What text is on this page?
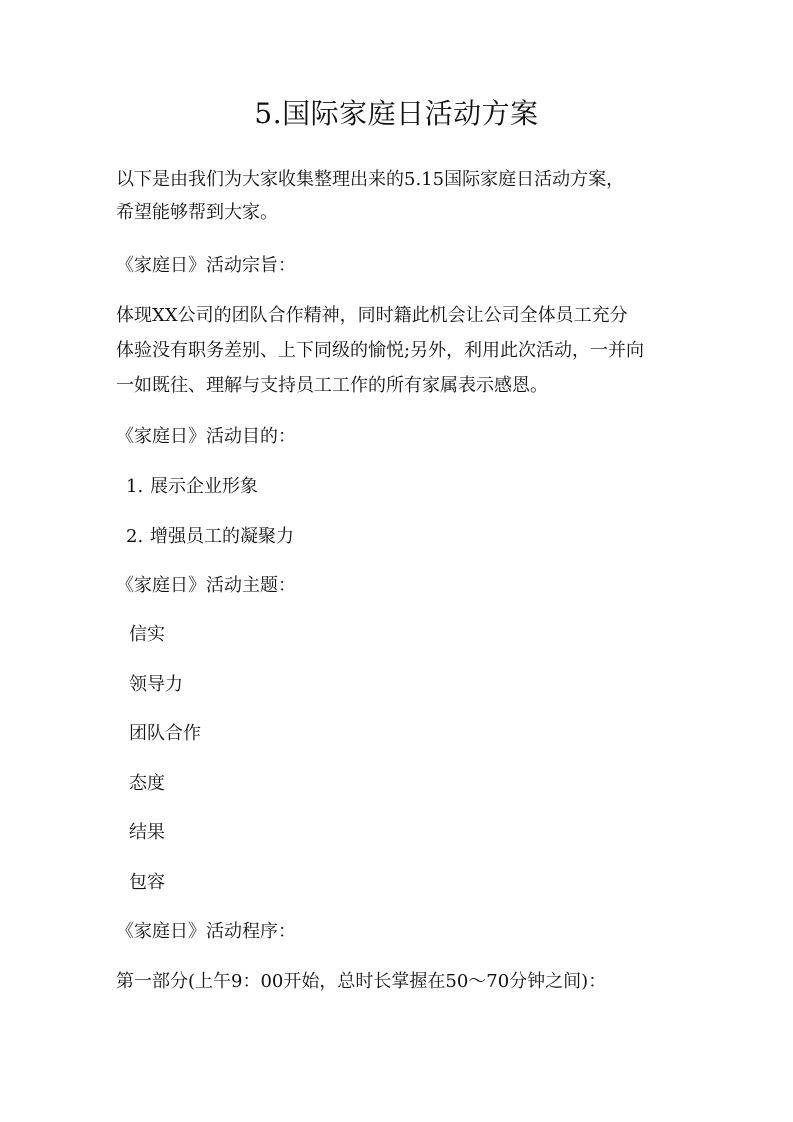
5.国际家庭日活动方案
以下是由我们为大家收集整理出来的5.15国际家庭日活动方案，
希望能够帮到大家。
《家庭日》活动宗旨：
体现XX公司的团队合作精神，同时籍此机会让公司全体员工充分
体验没有职务差别、上下同级的愉悦;另外，利用此次活动，一并向
一如既往、理解与支持员工工作的所有家属表示感恩。
《家庭日》活动目的：
1. 展示企业形象
2. 增强员工的凝聚力
《家庭日》活动主题：
信实
领导力
团队合作
态度
结果
包容
《家庭日》活动程序：
第一部分(上午9：00开始，总时长掌握在50～70分钟之间)：
